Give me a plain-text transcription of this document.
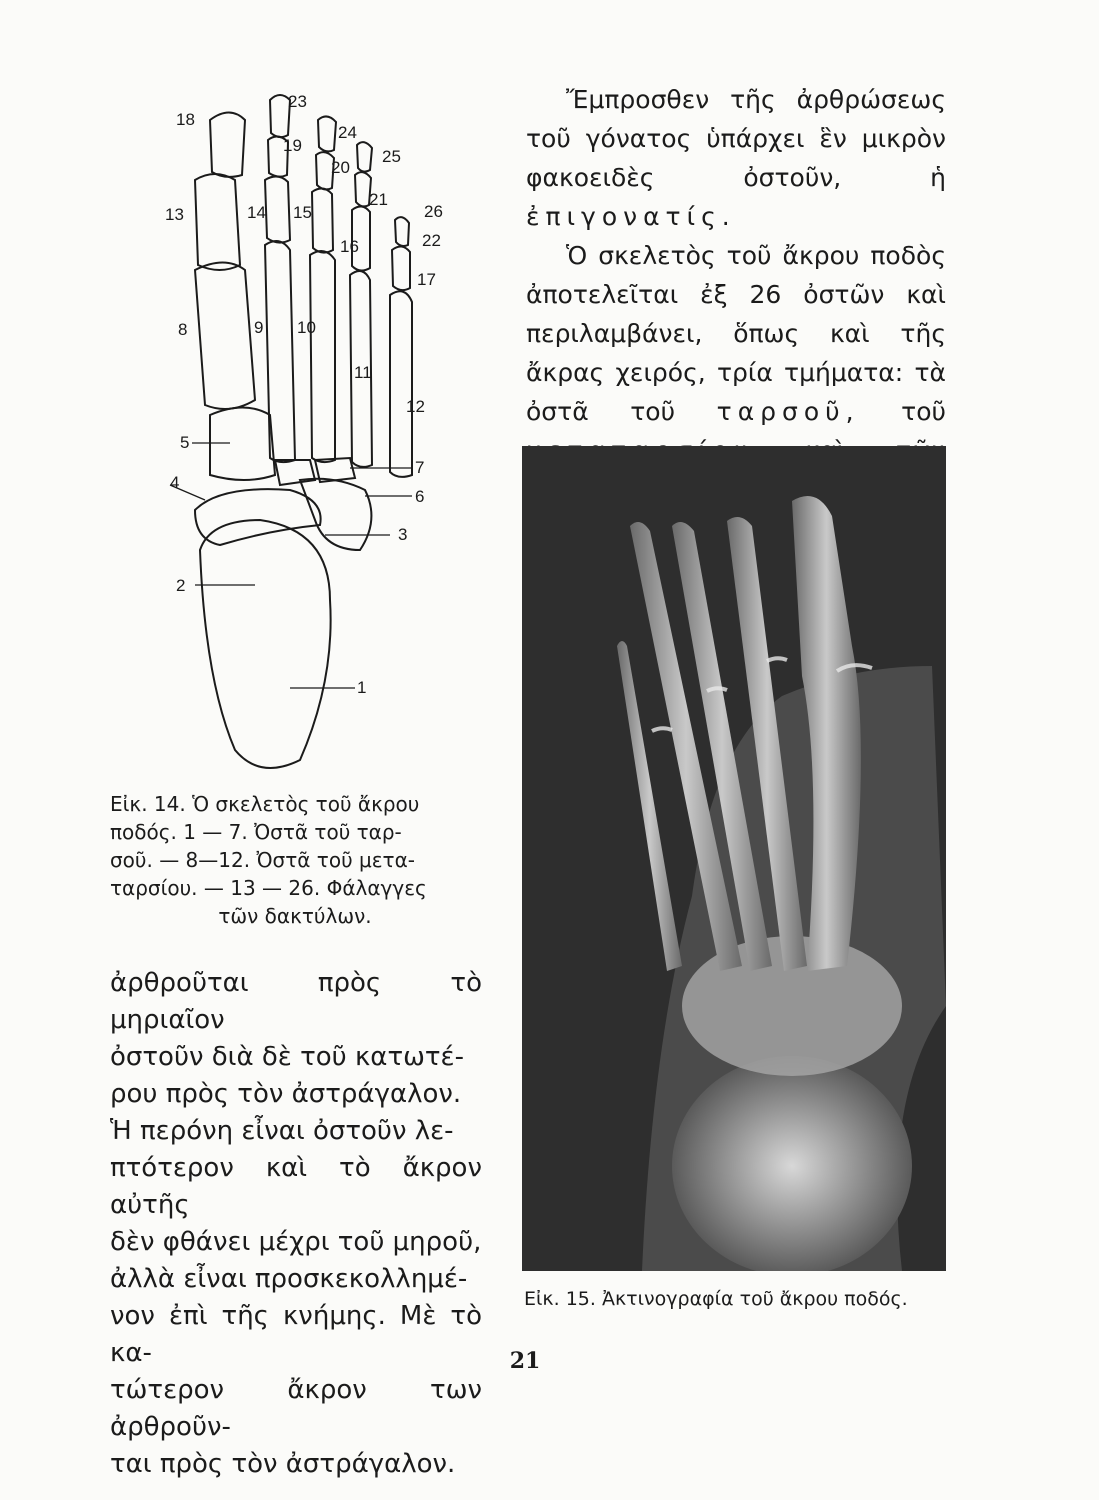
1
2
3
4
5
6
7
8	9 10
11
12
13	14 15
16
17
18
19
20
21
22
23
24
25
26
Εἰκ. 14. Ὁ σκελετὸς τοῦ ἄκρου
ποδός. 1 — 7. Ὀστᾶ τοῦ ταρ-
σοῦ. — 8—12. Ὀστᾶ τοῦ μετα-
ταρσίου. — 13 — 26. Φάλαγγες
τῶν δακτύλων.
ἀρθροῦται πρὸς τὸ μηριαῖον
ὀστοῦν διὰ δὲ τοῦ κατωτέ-
ρου πρὸς τὸν ἀστράγαλον.
Ἡ περόνη εἶναι ὀστοῦν λε-
πτότερον καὶ τὸ ἄκρον αὐτῆς
δὲν φθάνει μέχρι τοῦ μηροῦ,
ἀλλὰ εἶναι προσκεκολλημέ-
νον ἐπὶ τῆς κνήμης. Μὲ τὸ κα-
τώτερον ἄκρον των ἀρθροῦν-
ται πρὸς τὸν ἀστράγαλον.

Ἔμπροσθεν τῆς ἀρθρώσεως τοῦ γόνατος ὑπάρχει ἓν μικρὸν φακοειδὲς ὀστοῦν, ἡ ἐπιγονατίς.

Ὁ σκελετὸς τοῦ ἄκρου ποδὸς ἀποτελεῖται ἐξ 26 ὀστῶν καὶ περιλαμβάνει, ὅπως καὶ τῆς ἄκρας χειρός, τρία τμήματα: τὰ ὀστᾶ τοῦ ταρσοῦ, τοῦ

Εἰκ. 15. Ἀκτινογραφία τοῦ ἄκρου ποδός.
21
